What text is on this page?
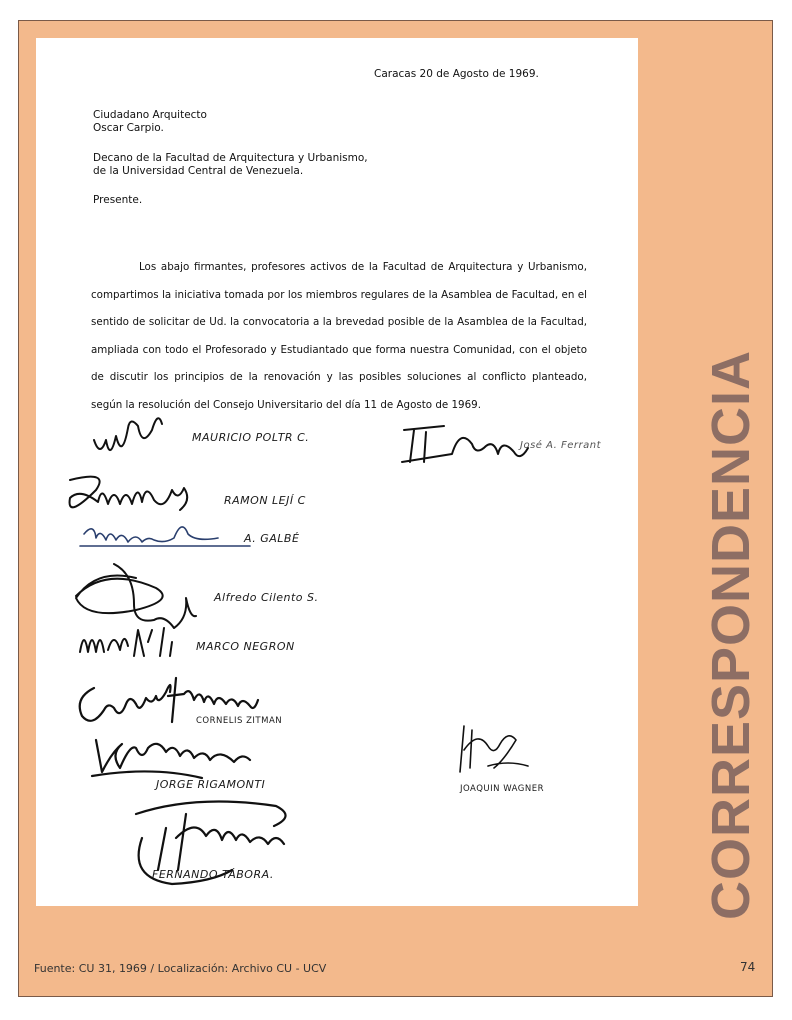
Caracas 20 de Agosto de 1969.
Ciudadano Arquitecto
Oscar Carpio.
Decano de la Facultad de Arquitectura y Urbanismo,
de la Universidad Central de Venezuela.
Presente.
Los abajo firmantes, profesores activos de la Facultad de Arquitectura y Urbanismo, compartimos la iniciativa tomada por los miembros regulares de la Asamblea de Facultad, en el sentido de solicitar de Ud. la convocatoria a la brevedad posible de la Asamblea de la Facultad, ampliada con todo el Profesorado y Estudiantado que forma nuestra Comunidad, con el objeto de discutir los principios de la renovación y las posibles soluciones al conflicto planteado, según la resolución del Consejo Universitario del día 11 de Agosto de 1969.
MAURICIO POLTR C.
José A. Ferrant
RAMON LEJÍ C
A. GALBÉ
Alfredo Cilento S.
MARCO NEGRON
CORNELIS ZITMAN
JORGE RIGAMONTI	JOAQUIN WAGNER
FERNANDO TÁBORA.	CORRESPONDENCIA
Fuente: CU 31, 1969 / Localización: Archivo CU - UCV	74
